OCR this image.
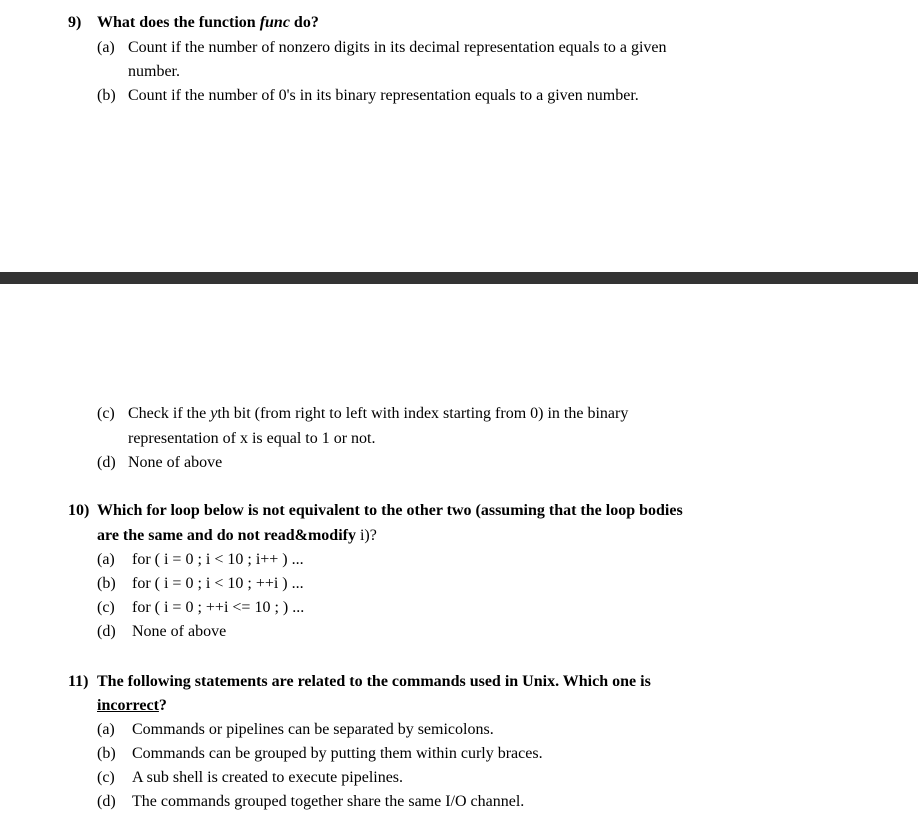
9) What does the function func do?
(a) Count if the number of nonzero digits in its decimal representation equals to a given
number.
(b) Count if the number of 0's in its binary representation equals to a given number.
(c) Check if the yth bit (from right to left with index starting from 0) in the binary
representation of x is equal to 1 or not.
(d) None of above
10) Which for loop below is not equivalent to the other two (assuming that the loop bodies
are the same and do not read&modify i)?
(a) for ( i = 0 ; i < 10 ; i++ ) ...
(b) for ( i = 0 ; i < 10 ; ++i ) ...
(c) for ( i = 0 ; ++i <= 10 ; ) ...
(d) None of above
11) The following statements are related to the commands used in Unix. Which one is
incorrect?
(a) Commands or pipelines can be separated by semicolons.
(b) Commands can be grouped by putting them within curly braces.
(c) A sub shell is created to execute pipelines.
(d) The commands grouped together share the same I/O channel.
